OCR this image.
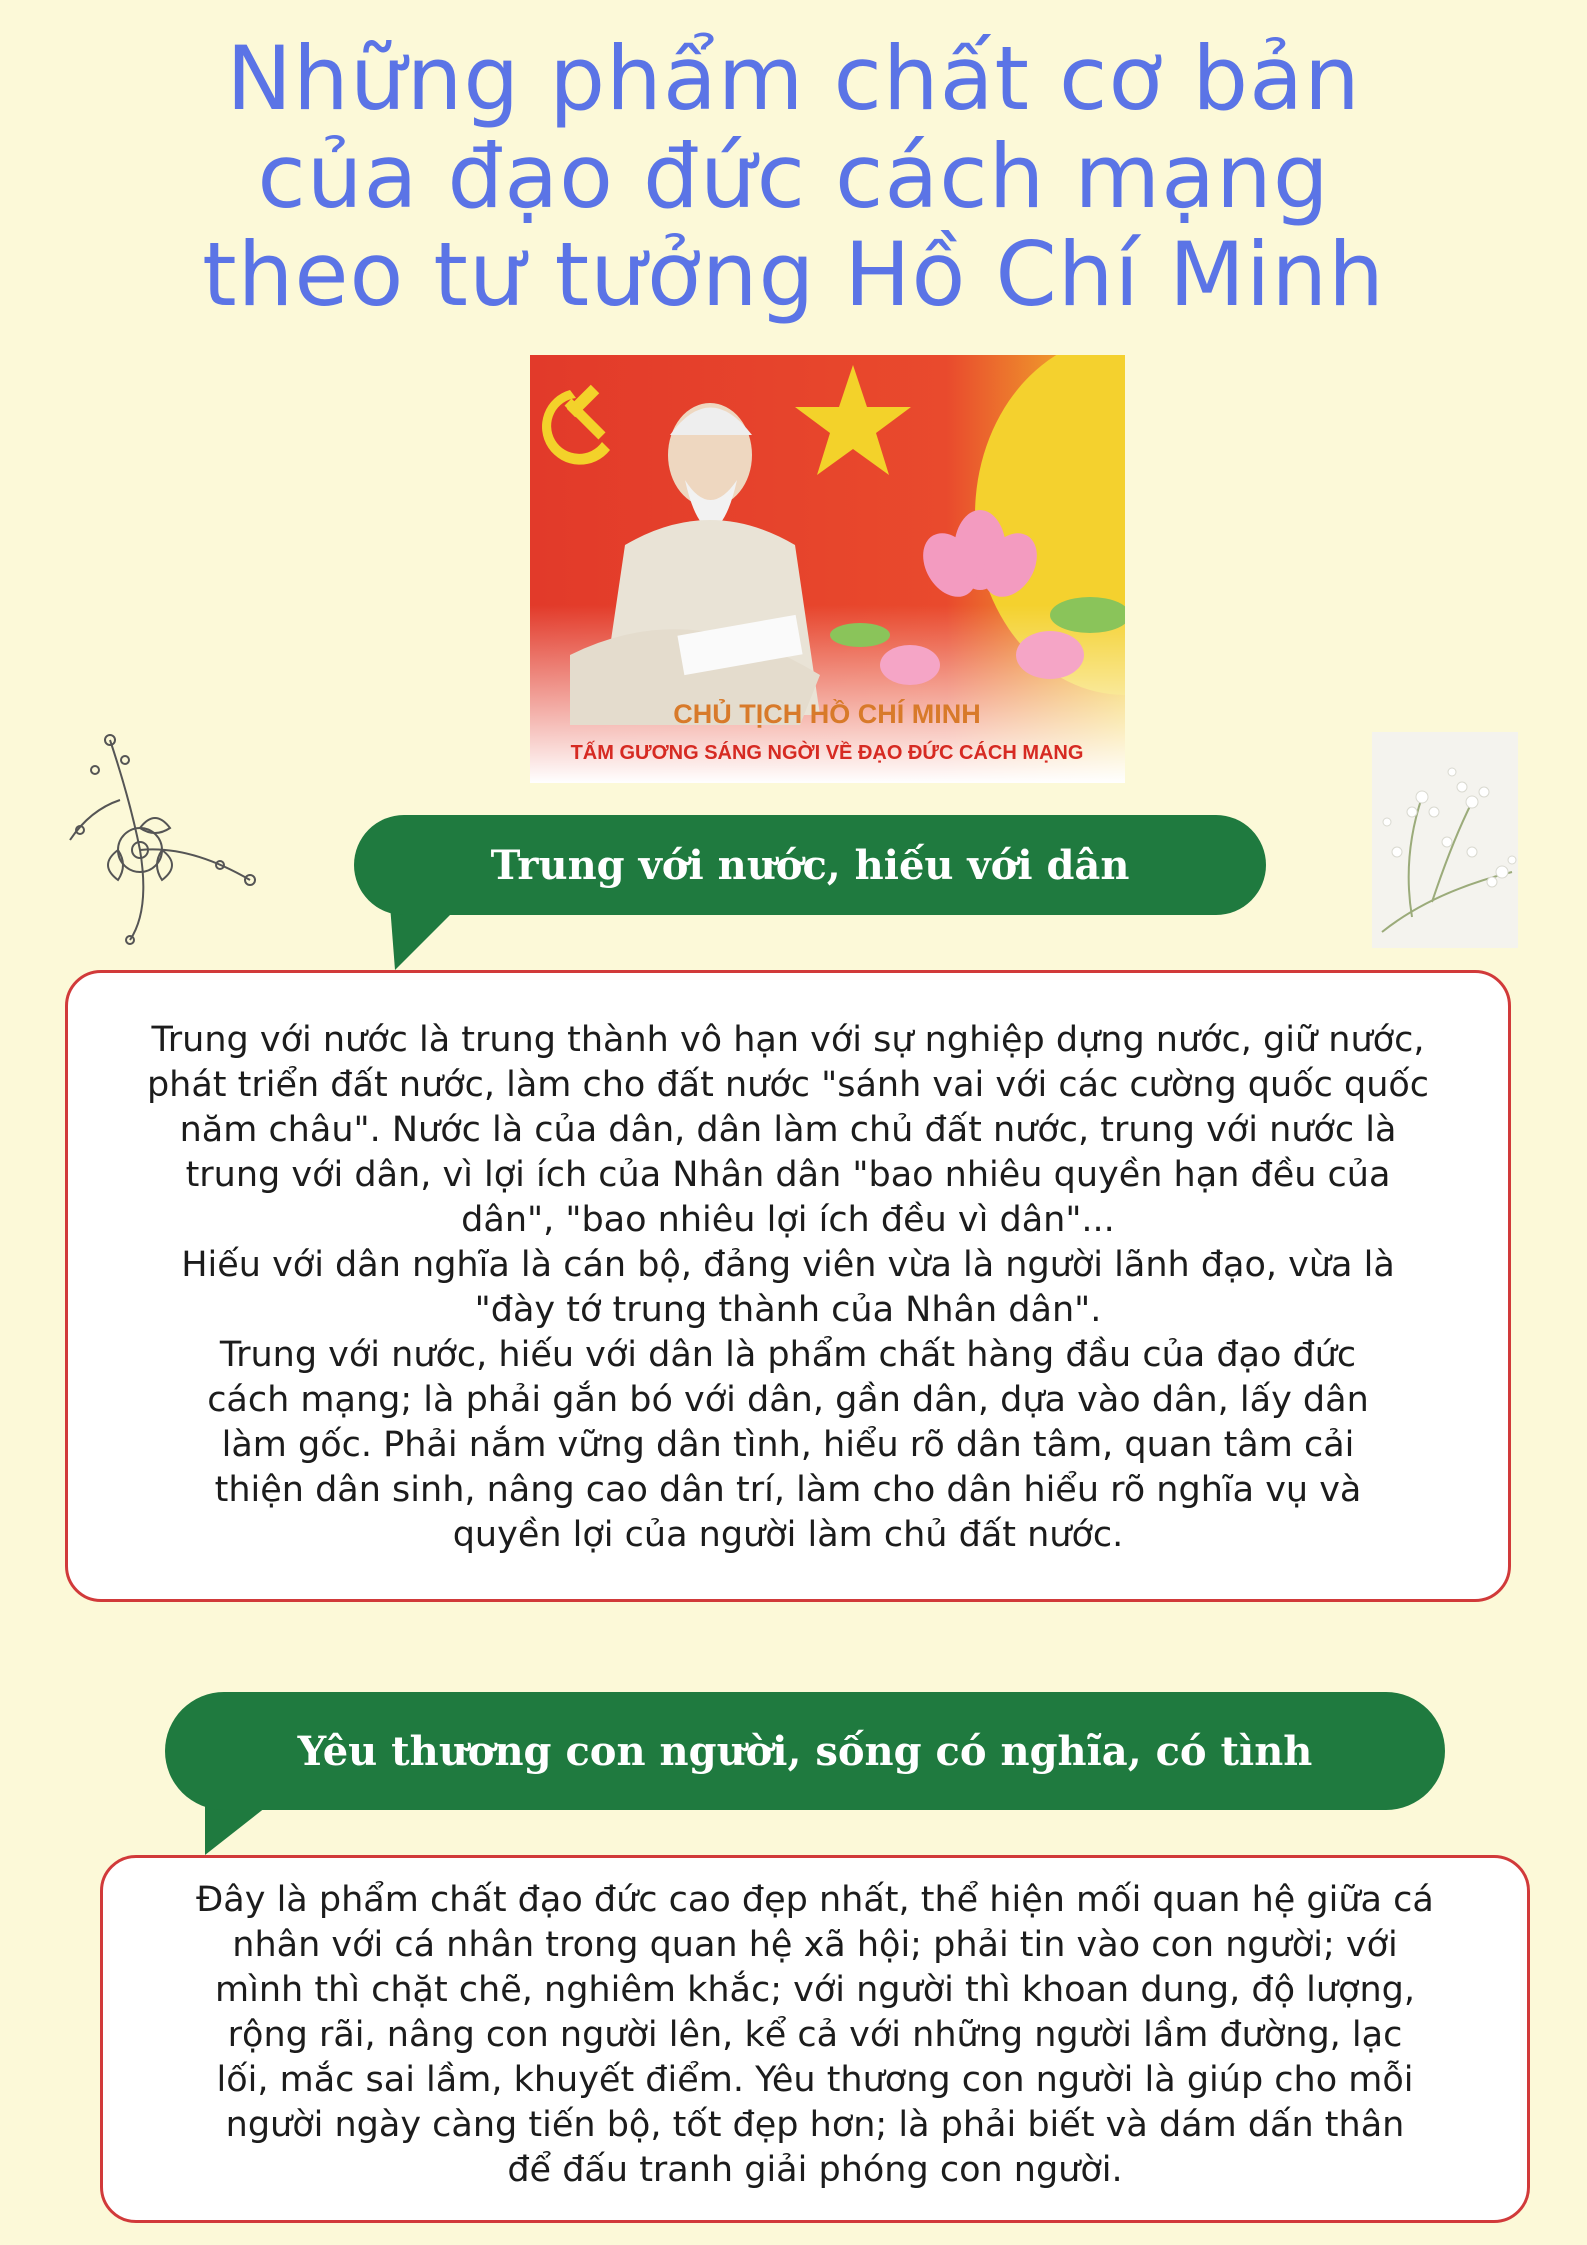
Những phẩm chất cơ bản
của đạo đức cách mạng
theo tư tưởng Hồ Chí Minh
CHỦ TỊCH HỒ CHÍ MINH
TẤM GƯƠNG SÁNG NGỜI VỀ ĐẠO ĐỨC CÁCH MẠNG
Trung với nước, hiếu với dân

Trung với nước là trung thành vô hạn với sự nghiệp dựng nước, giữ nước,
phát triển đất nước, làm cho đất nước "sánh vai với các cường quốc quốc
năm châu". Nước là của dân, dân làm chủ đất nước, trung với nước là
trung với dân, vì lợi ích của Nhân dân "bao nhiêu quyền hạn đều của
dân", "bao nhiêu lợi ích đều vì dân"...
Hiếu với dân nghĩa là cán bộ, đảng viên vừa là người lãnh đạo, vừa là
"đày tớ trung thành của Nhân dân".
Trung với nước, hiếu với dân là phẩm chất hàng đầu của đạo đức
cách mạng; là phải gắn bó với dân, gần dân, dựa vào dân, lấy dân
làm gốc. Phải nắm vững dân tình, hiểu rõ dân tâm, quan tâm cải
thiện dân sinh, nâng cao dân trí, làm cho dân hiểu rõ nghĩa vụ và
quyền lợi của người làm chủ đất nước.

Yêu thương con người, sống có nghĩa, có tình

Đây là phẩm chất đạo đức cao đẹp nhất, thể hiện mối quan hệ giữa cá
nhân với cá nhân trong quan hệ xã hội; phải tin vào con người; với
mình thì chặt chẽ, nghiêm khắc; với người thì khoan dung, độ lượng,
rộng rãi, nâng con người lên, kể cả với những người lầm đường, lạc
lối, mắc sai lầm, khuyết điểm. Yêu thương con người là giúp cho mỗi
người ngày càng tiến bộ, tốt đẹp hơn; là phải biết và dám dấn thân
để đấu tranh giải phóng con người.
